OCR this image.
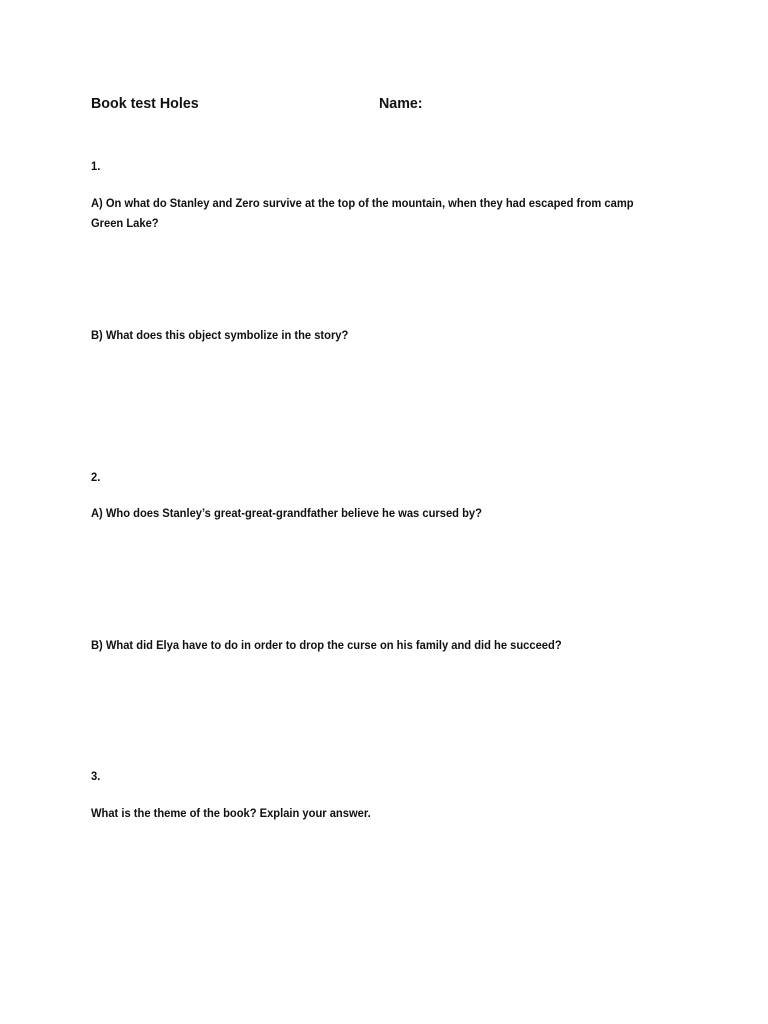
Book test Holes	Name:
1.
A) On what do Stanley and Zero survive at the top of the mountain, when they had escaped from camp Green Lake?
B) What does this object symbolize in the story?
2.
A) Who does Stanley’s great-great-grandfather believe he was cursed by?
B) What did Elya have to do in order to drop the curse on his family and did he succeed?
3.
What is the theme of the book? Explain your answer.
